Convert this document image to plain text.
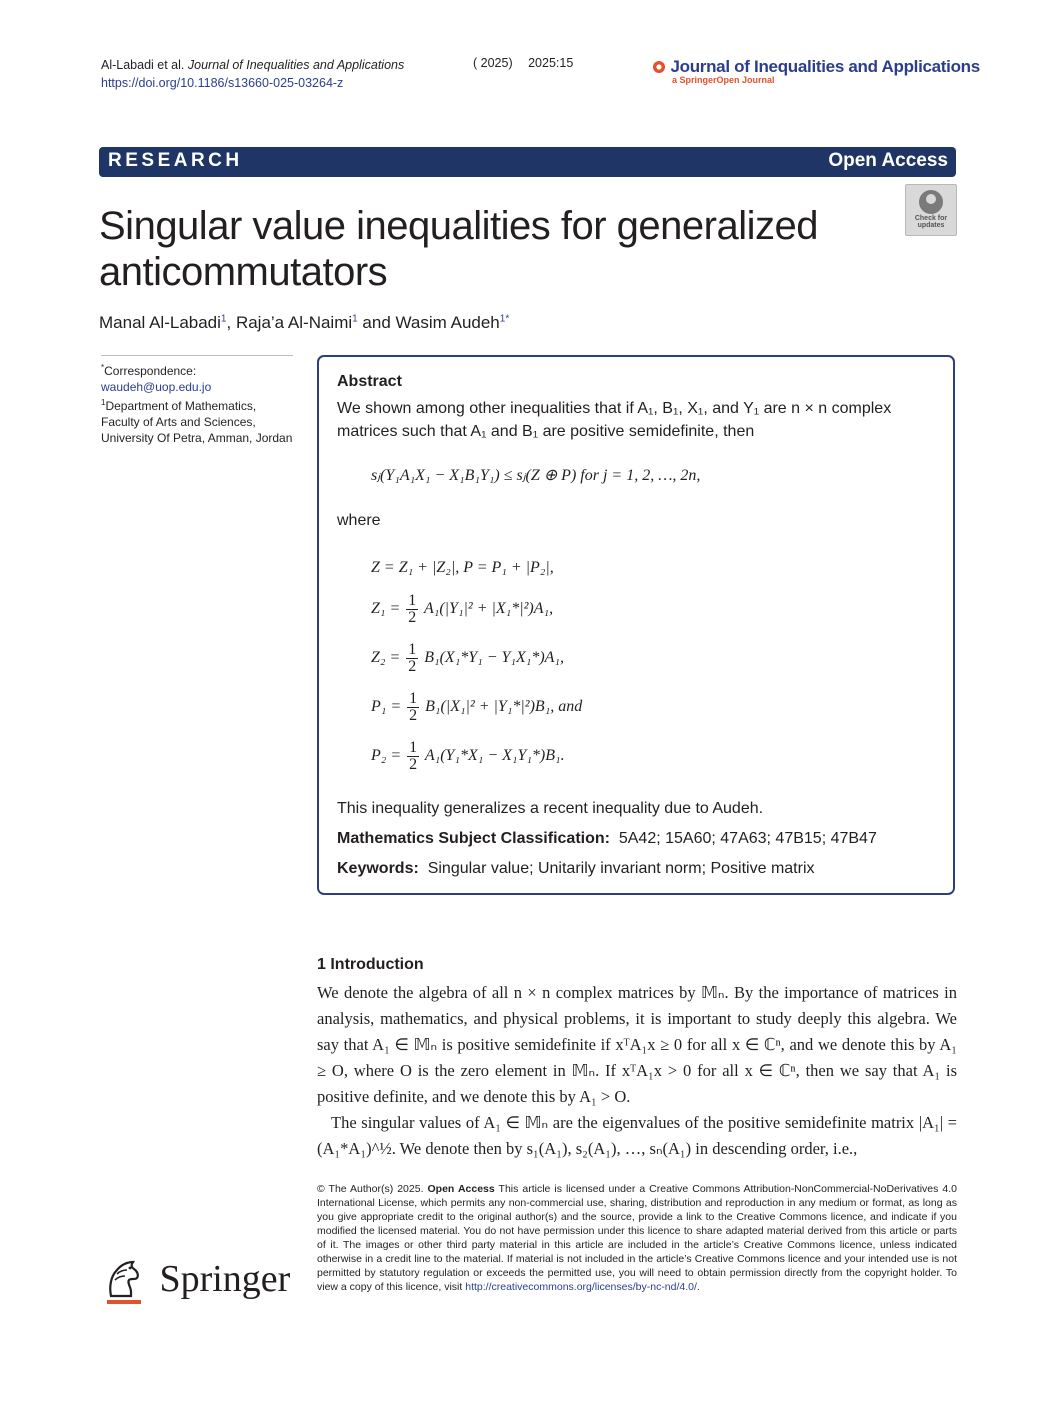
Al-Labadi et al. Journal of Inequalities and Applications
https://doi.org/10.1186/s13660-025-03264-z
( 2025) 2025:15	Journal of Inequalities and Applications
a SpringerOpen Journal
RESEARCH	Open Access
Singular value inequalities for generalized anticommutators
Check for
updates
Manal Al-Labadi$^1$, Raja’a Al-Naimi$^1$ and Wasim Audeh$^{1*}$
*Correspondence:
waudeh@uop.edu.jo
$^1$Department of Mathematics, Faculty of Arts and Sciences, University Of Petra, Amman, Jordan
Abstract
We shown among other inequalities that if A₁, B₁, X₁, and Y₁ are n × n complex matrices such that A₁ and B₁ are positive semidefinite, then
sⱼ(Y₁A₁X₁ − X₁B₁Y₁) ≤ sⱼ(Z ⊕ P) for j = 1, 2, …, 2n,
where
Z = Z₁ + |Z₂|, P = P₁ + |P₂|,
$Z_1 = \frac{1}{2} A_1(|Y_1|^2 + |X_1*|^2)A_1$,
$Z_2 = \frac{1}{2} B_1(X_1*Y_1 - Y_1X_1*)A_1$,
$P_1 = \frac{1}{2} B_1(|X_1|^2 + |Y_1*|^2)B_1$, and
$P_2 = \frac{1}{2} A_1(Y_1*X_1 - X_1Y_1*)B_1$.
This inequality generalizes a recent inequality due to Audeh.
Mathematics Subject Classification: 5A42; 15A60; 47A63; 47B15; 47B47
Keywords: Singular value; Unitarily invariant norm; Positive matrix
1 Introduction

We denote the algebra of all n × n complex matrices by 𝕄ₙ. By the importance of matrices in analysis, mathematics, and physical problems, it is important to study deeply this algebra. We say that A₁ ∈ 𝕄ₙ is positive semidefinite if xᵀA₁x ≥ 0 for all x ∈ ℂⁿ, and we denote this by A₁ ≥ O, where O is the zero element in 𝕄ₙ. If xᵀA₁x > 0 for all x ∈ ℂⁿ, then we say that A₁ is positive definite, and we denote this by A₁ > O.

The singular values of A₁ ∈ 𝕄ₙ are the eigenvalues of the positive semidefinite matrix |A₁| = (A₁*A₁)^½. We denote then by s₁(A₁), s₂(A₁), …, sₙ(A₁) in descending order, i.e.,

© The Author(s) 2025. Open Access This article is licensed under a Creative Commons Attribution-NonCommercial-NoDerivatives 4.0 International License, which permits any non-commercial use, sharing, distribution and reproduction in any medium or format, as long as you give appropriate credit to the original author(s) and the source, provide a link to the Creative Commons licence, and indicate if you modified the licensed material. You do not have permission under this licence to share adapted material derived from this article or parts of it. The images or other third party material in this article are included in the article’s Creative Commons licence, unless indicated otherwise in a credit line to the material. If material is not included in the article’s Creative Commons licence and your intended use is not permitted by statutory regulation or exceeds the permitted use, you will need to obtain permission directly from the copyright holder. To view a copy of this licence, visit http://creativecommons.org/licenses/by-nc-nd/4.0/.
Springer
